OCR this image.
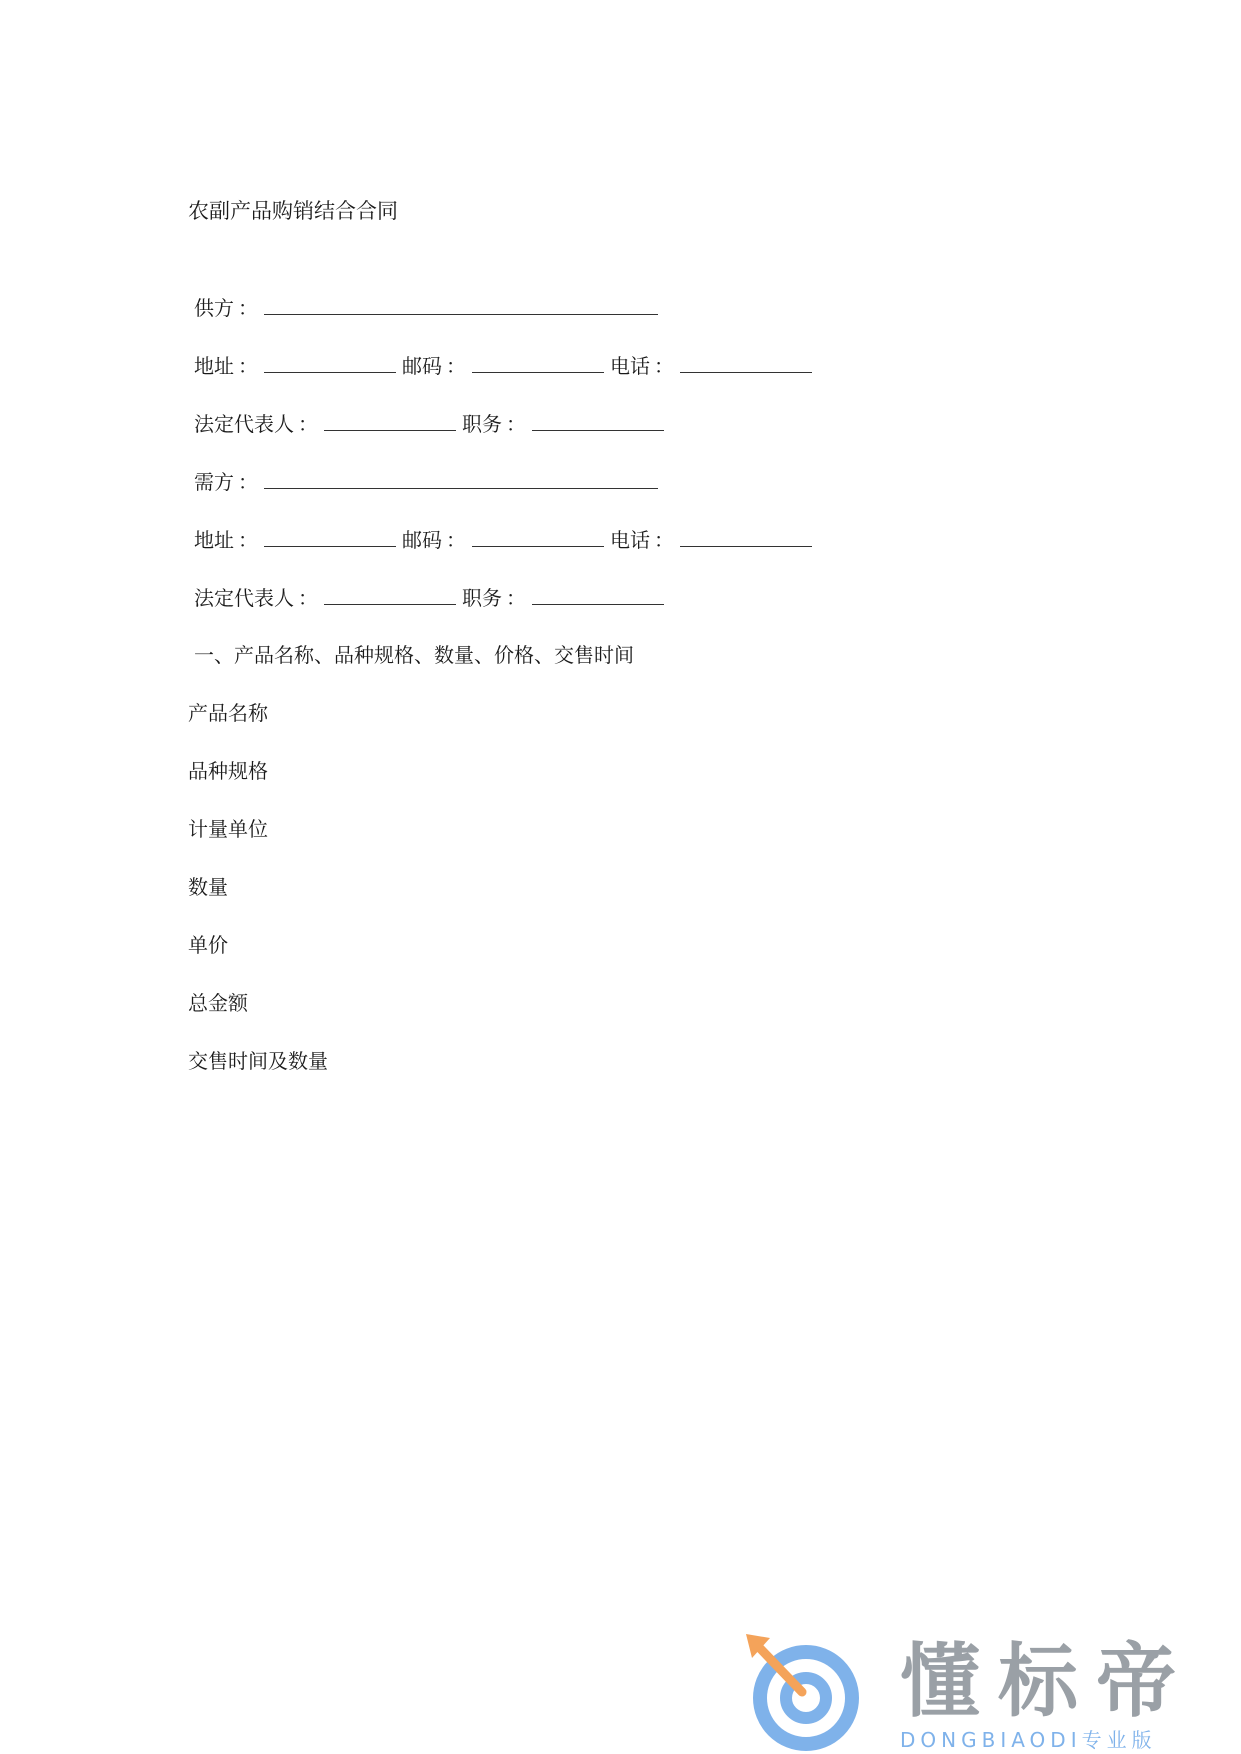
农副产品购销结合合同
供方 ：
地址 ：	邮码 ：	电话 ：
法定代表人 ：	职务 ：
需方 ：
地址 ：	邮码 ：	电话 ：
法定代表人 ：	职务 ：
一、产品名称、品种规格、数量、价格、交售时间
产品名称
品种规格
计量单位
数量
单价
总金额
交售时间及数量
懂标帝
DONGBIAODI专业版
